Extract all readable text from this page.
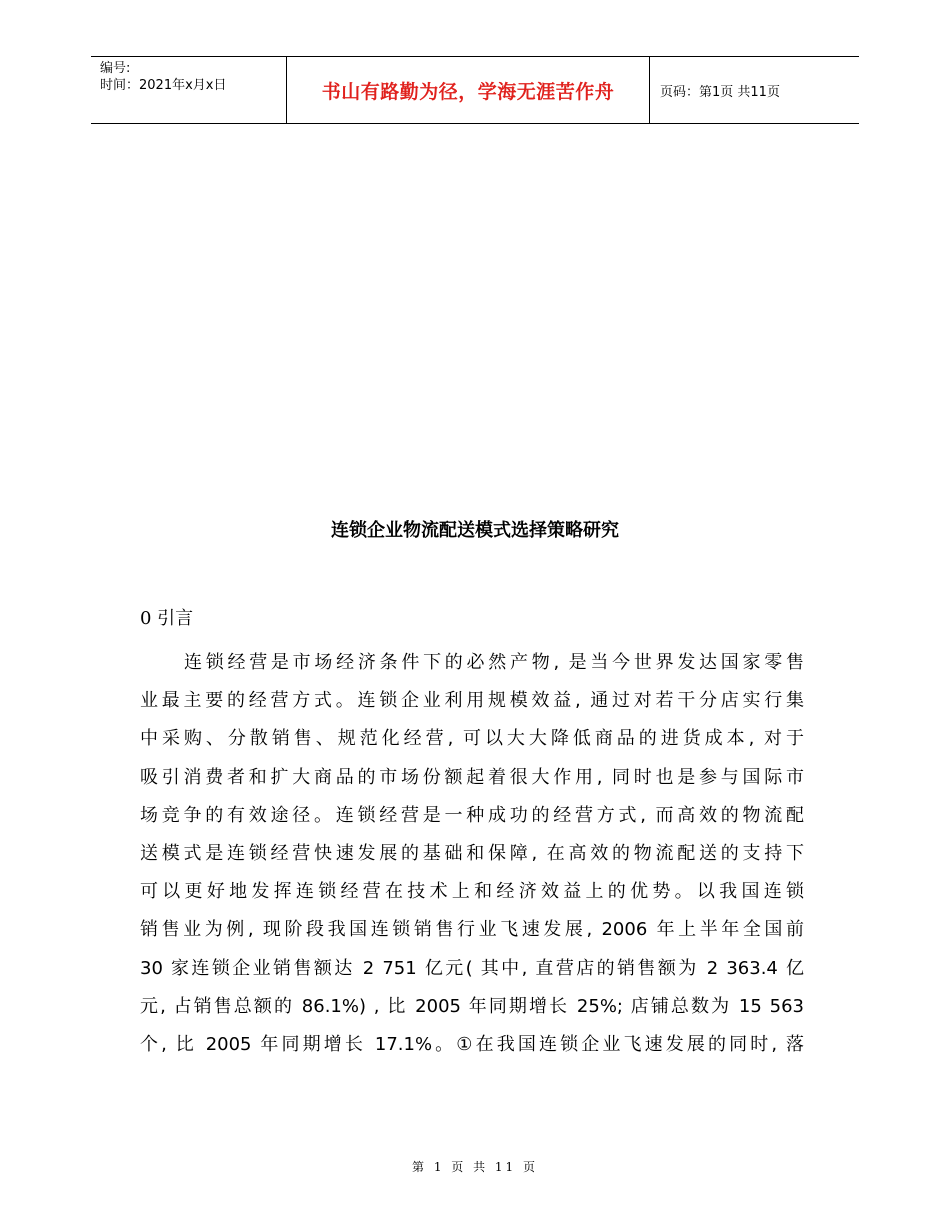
编号:
时间：2021年x月x日	书山有路勤为径，学海无涯苦作舟	页码：第1页 共11页
连锁企业物流配送模式选择策略研究
0 引言
连锁经营是市场经济条件下的必然产物, 是当今世界发达国家零售
业最主要的经营方式。连锁企业利用规模效益, 通过对若干分店实行集
中采购、分散销售、规范化经营, 可以大大降低商品的进货成本, 对于
吸引消费者和扩大商品的市场份额起着很大作用, 同时也是参与国际市
场竞争的有效途径。连锁经营是一种成功的经营方式, 而高效的物流配
送模式是连锁经营快速发展的基础和保障, 在高效的物流配送的支持下
可以更好地发挥连锁经营在技术上和经济效益上的优势。以我国连锁
销售业为例, 现阶段我国连锁销售行业飞速发展, 2006 年上半年全国前
30 家连锁企业销售额达 2 751 亿元( 其中, 直营店的销售额为 2 363.4 亿
元, 占销售总额的 86.1%) , 比 2005 年同期增长 25%; 店铺总数为 15 563
个, 比 2005 年同期增长 17.1%。①在我国连锁企业飞速发展的同时, 落
第 1 页 共 11 页
